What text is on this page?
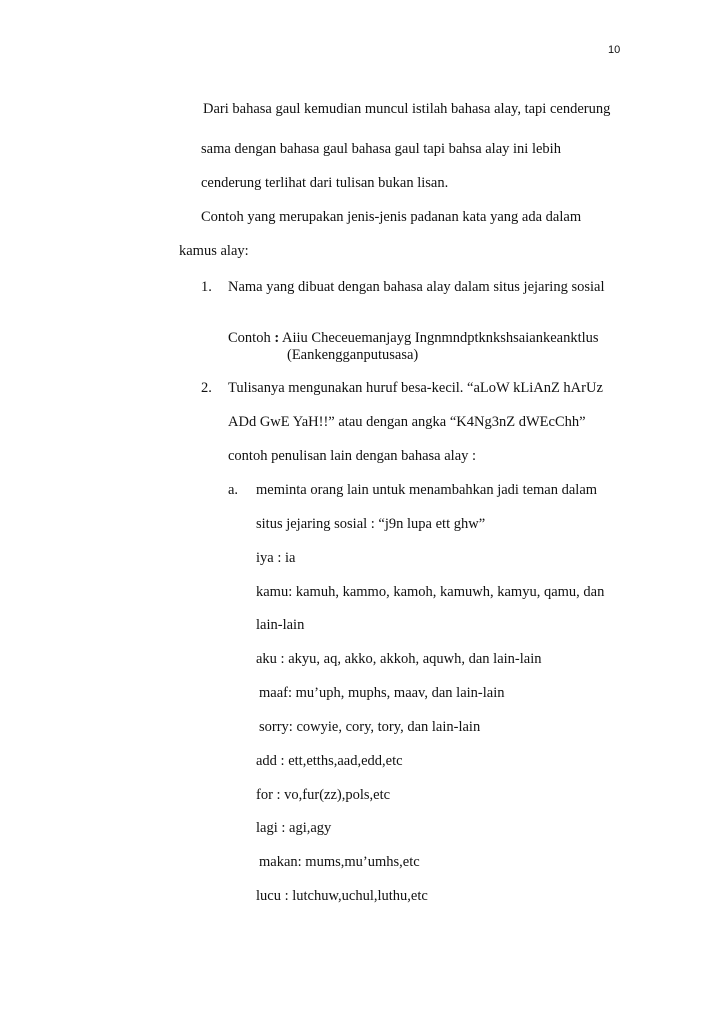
10
Dari bahasa gaul kemudian muncul istilah bahasa alay, tapi cenderung
sama dengan bahasa gaul bahasa gaul tapi bahsa alay ini lebih
cenderung terlihat dari tulisan bukan lisan.
Contoh yang merupakan jenis-jenis padanan kata yang ada dalam
kamus alay:
1. Nama yang dibuat dengan bahasa alay dalam situs jejaring sosial
Contoh : Aiiu Checeuemanjayg Ingnmndptknkshsaiankeanktlus
(Eankengganputusasa)
2. Tulisanya mengunakan huruf besa-kecil. “aLoW kLiAnZ hArUz
ADd GwE YaH!!” atau dengan angka “K4Ng3nZ dWEcChh”
contoh penulisan lain dengan bahasa alay :
a. meminta orang lain untuk menambahkan jadi teman dalam
situs jejaring sosial : “j9n lupa ett ghw”
iya : ia
kamu: kamuh, kammo, kamoh, kamuwh, kamyu, qamu, dan
lain-lain
aku : akyu, aq, akko, akkoh, aquwh, dan lain-lain
maaf: mu’uph, muphs, maav, dan lain-lain
sorry: cowyie, cory, tory, dan lain-lain
add : ett,etths,aad,edd,etc
for : vo,fur(zz),pols,etc
lagi : agi,agy
makan: mums,mu’umhs,etc
lucu : lutchuw,uchul,luthu,etc
